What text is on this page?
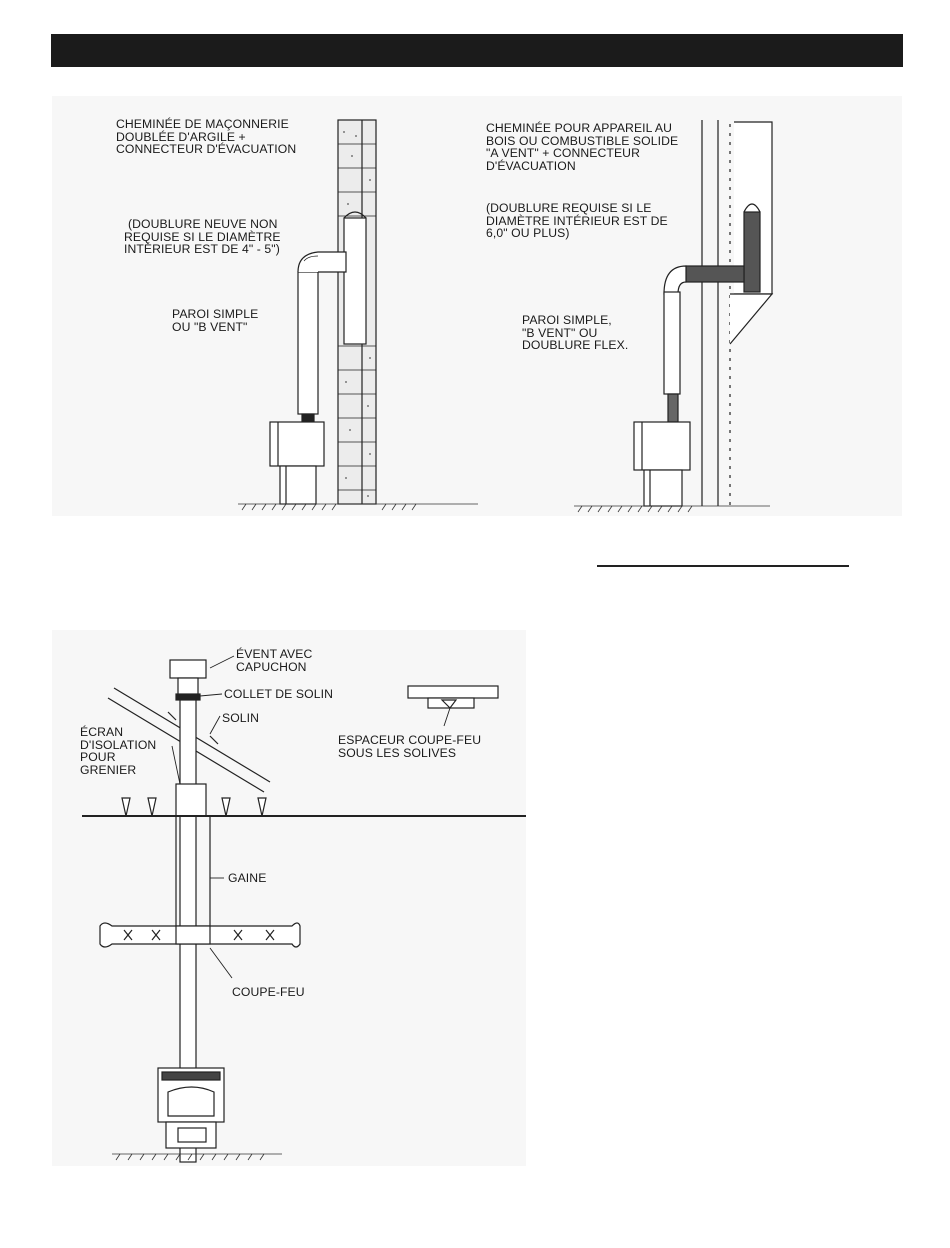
CHEMINÉE DE MAÇONNERIE
DOUBLÉE D'ARGILE +
CONNECTEUR D'ÉVACUATION
(DOUBLURE NEUVE NON
REQUISE SI LE DIAMÈTRE
INTÉRIEUR EST DE 4" - 5")
PAROI SIMPLE
OU "B VENT"
CHEMINÉE POUR APPAREIL AU
BOIS OU COMBUSTIBLE SOLIDE
"A VENT" + CONNECTEUR
D'ÉVACUATION
(DOUBLURE REQUISE SI LE
DIAMÈTRE INTÉRIEUR EST DE
6,0" OU PLUS)
PAROI SIMPLE,
"B VENT" OU
DOUBLURE FLEX.
ÉVENT AVEC
CAPUCHON
COLLET DE SOLIN
SOLIN
ÉCRAN
D'ISOLATION
POUR
GRENIER
ESPACEUR COUPE-FEU
SOUS LES SOLIVES
GAINE
COUPE-FEU
